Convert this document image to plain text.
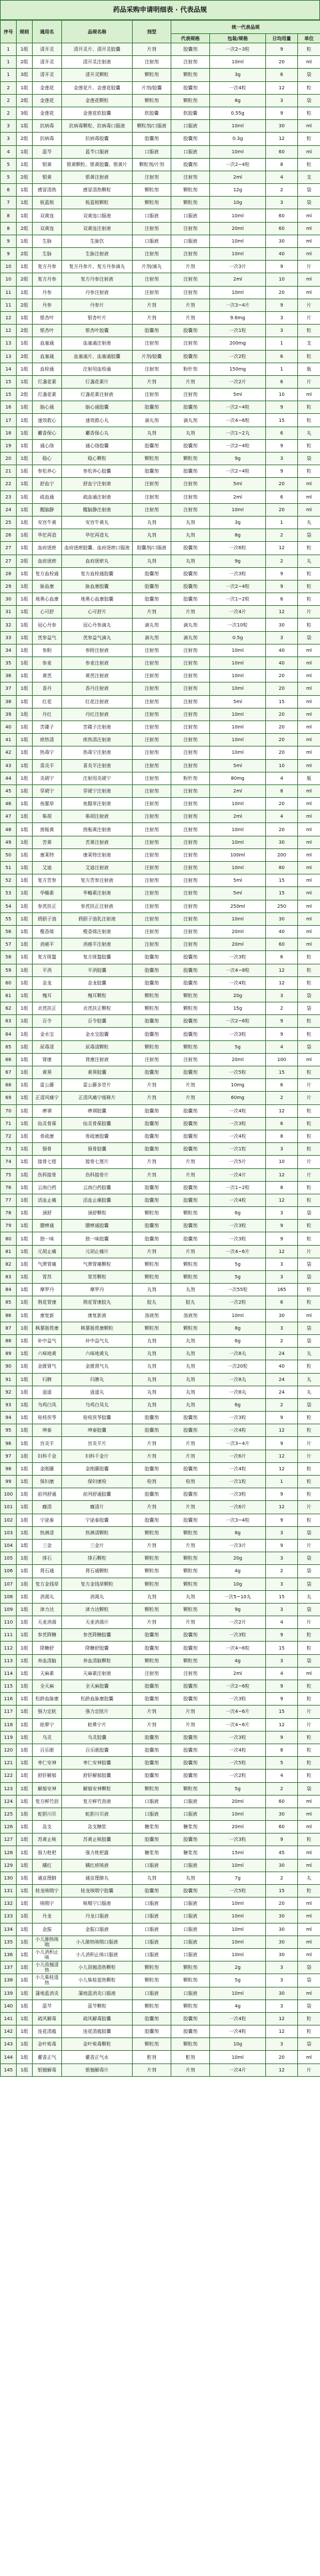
药品采购申请明细表 · 代表品规
序号	规则	通用名	品规名称	剂型	统一代表品规			
					代表规格	包装/规格	日均用量	单位
1	1组	清开灵	清开灵片、清开灵胶囊	片剂	胶囊剂	一次2~3粒	9	粒
1	2组	清开灵	清开灵注射液	注射剂	注射剂	10ml	20	ml
1	3组	清开灵	清开灵颗粒	颗粒剂	颗粒剂	3g	6	袋
2	1组	金莲花	金莲花片、金莲花胶囊	片剂/胶囊	胶囊剂	一次4粒	12	粒
2	2组	金莲花	金莲花颗粒	颗粒剂	颗粒剂	8g	3	袋
2	3组	金莲花	金莲花软胶囊	软胶囊	软胶囊	0.55g	9	粒
3	1组	抗病毒	抗病毒颗粒、抗病毒口服液	颗粒剂/口服液	口服液	10ml	30	ml
3	2组	抗病毒	抗病毒胶囊	胶囊剂	胶囊剂	0.3g	12	粒
4	1组	蓝芩	蓝芩口服液	口服液	口服液	10ml	60	ml
5	1组	银黄	银黄颗粒、银黄胶囊、银黄片	颗粒剂/片剂	胶囊剂	一次2~4粒	8	粒
5	2组	银黄	银黄注射液	注射剂	注射剂	2ml	4	支
6	1组	感冒清热	感冒清热颗粒	颗粒剂	颗粒剂	12g	2	袋
7	1组	板蓝根	板蓝根颗粒	颗粒剂	颗粒剂	10g	3	袋
8	1组	双黄连	双黄连口服液	口服液	口服液	10ml	60	ml
8	2组	双黄连	双黄连注射液	注射剂	注射剂	20ml	60	ml
9	1组	生脉	生脉饮	口服液	口服液	10ml	30	ml
9	2组	生脉	生脉注射液	注射剂	注射剂	10ml	40	ml
10	1组	复方丹参	复方丹参片、复方丹参滴丸	片剂/滴丸	片剂	一次3片	9	片
10	2组	复方丹参	复方丹参注射液	注射剂	注射剂	2ml	10	ml
11	1组	丹参	丹参注射液	注射剂	注射剂	10ml	20	ml
11	2组	丹参	丹参片	片剂	片剂	一次3~4片	9	片
12	1组	银杏叶	银杏叶片	片剂	片剂	9.6mg	3	片
12	2组	银杏叶	银杏叶胶囊	胶囊剂	胶囊剂	一次1粒	3	粒
13	1组	血塞通	血塞通注射液	注射剂	注射剂	200mg	1	支
13	2组	血塞通	血塞通片、血塞通胶囊	片剂/胶囊	胶囊剂	一次2粒	6	粒
14	1组	血栓通	注射用血栓通	注射剂	粉针剂	150mg	1	瓶
15	1组	灯盏花素	灯盏花素片	片剂	片剂	一次2片	6	片
15	2组	灯盏花素	灯盏花素注射液	注射剂	注射剂	5ml	10	ml
16	1组	脑心通	脑心通胶囊	胶囊剂	胶囊剂	一次2~4粒	9	粒
17	1组	速效救心	速效救心丸	滴丸剂	滴丸剂	一次4~6粒	15	粒
18	1组	麝香保心	麝香保心丸	丸剂	丸剂	一次1~2丸	6	丸
19	1组	通心络	通心络胶囊	胶囊剂	胶囊剂	一次2~4粒	9	粒
20	1组	稳心	稳心颗粒	颗粒剂	颗粒剂	9g	3	袋
21	1组	参松养心	参松养心胶囊	胶囊剂	胶囊剂	一次2~4粒	9	粒
22	1组	舒血宁	舒血宁注射液	注射剂	注射剂	5ml	20	ml
23	1组	疏血通	疏血通注射液	注射剂	注射剂	2ml	6	ml
24	1组	醒脑静	醒脑静注射液	注射剂	注射剂	10ml	20	ml
25	1组	安宫牛黄	安宫牛黄丸	丸剂	丸剂	3g	1	丸
26	1组	华佗再造	华佗再造丸	丸剂	丸剂	8g	2	袋
27	1组	血府逐瘀	血府逐瘀胶囊、血府逐瘀口服液	胶囊剂/口服液	胶囊剂	一次6粒	12	粒
27	2组	血府逐瘀	血府逐瘀丸	丸剂	丸剂	9g	2	丸
28	1组	复方血栓通	复方血栓通胶囊	胶囊剂	胶囊剂	一次3粒	9	粒
29	1组	脉血康	脉血康胶囊	胶囊剂	胶囊剂	一次2~4粒	9	粒
30	1组	地奥心血康	地奥心血康胶囊	胶囊剂	胶囊剂	一次1~2粒	6	粒
31	1组	心可舒	心可舒片	片剂	片剂	一次4片	12	片
32	1组	冠心丹参	冠心丹参滴丸	滴丸剂	滴丸剂	一次10粒	30	粒
33	1组	芪参益气	芪参益气滴丸	滴丸剂	滴丸剂	0.5g	3	袋
34	1组	参附	参附注射液	注射剂	注射剂	10ml	40	ml
35	1组	参麦	参麦注射液	注射剂	注射剂	10ml	40	ml
36	1组	黄芪	黄芪注射液	注射剂	注射剂	10ml	20	ml
37	1组	香丹	香丹注射液	注射剂	注射剂	10ml	20	ml
38	1组	红花	红花注射液	注射剂	注射剂	5ml	15	ml
39	1组	丹红	丹红注射液	注射剂	注射剂	10ml	20	ml
40	1组	苦碟子	苦碟子注射液	注射剂	注射剂	10ml	20	ml
41	1组	痰热清	痰热清注射液	注射剂	注射剂	10ml	20	ml
42	1组	热毒宁	热毒宁注射液	注射剂	注射剂	10ml	20	ml
43	1组	喜炎平	喜炎平注射液	注射剂	注射剂	5ml	10	ml
44	1组	炎琥宁	注射用炎琥宁	注射剂	粉针剂	80mg	4	瓶
45	1组	穿琥宁	穿琥宁注射液	注射剂	注射剂	2ml	8	ml
46	1组	鱼腥草	鱼腥草注射液	注射剂	注射剂	10ml	20	ml
47	1组	柴胡	柴胡注射液	注射剂	注射剂	2ml	4	ml
48	1组	茵栀黄	茵栀黄注射液	注射剂	注射剂	10ml	20	ml
49	1组	苦黄	苦黄注射液	注射剂	注射剂	10ml	30	ml
50	1组	康莱特	康莱特注射液	注射剂	注射剂	100ml	200	ml
51	1组	艾迪	艾迪注射液	注射剂	注射剂	10ml	80	ml
52	1组	复方苦参	复方苦参注射液	注射剂	注射剂	5ml	15	ml
53	1组	华蟾素	华蟾素注射液	注射剂	注射剂	5ml	15	ml
54	1组	参芪扶正	参芪扶正注射液	注射剂	注射剂	250ml	250	ml
55	1组	鸦胆子油	鸦胆子油乳注射液	注射剂	注射剂	10ml	30	ml
56	1组	榄香烯	榄香烯注射液	注射剂	注射剂	20ml	40	ml
57	1组	消癌平	消癌平注射液	注射剂	注射剂	20ml	60	ml
58	1组	复方斑蝥	复方斑蝥胶囊	胶囊剂	胶囊剂	一次3粒	6	粒
59	1组	平消	平消胶囊	胶囊剂	胶囊剂	一次4~8粒	12	粒
60	1组	金龙	金龙胶囊	胶囊剂	胶囊剂	一次4粒	12	粒
61	1组	槐耳	槐耳颗粒	颗粒剂	颗粒剂	20g	3	袋
62	1组	贞芪扶正	贞芪扶正颗粒	颗粒剂	颗粒剂	15g	2	袋
63	1组	百令	百令胶囊	胶囊剂	胶囊剂	一次2~6粒	9	粒
64	1组	金水宝	金水宝胶囊	胶囊剂	胶囊剂	一次3粒	9	粒
65	1组	尿毒清	尿毒清颗粒	颗粒剂	颗粒剂	5g	4	袋
66	1组	肾康	肾康注射液	注射剂	注射剂	20ml	100	ml
67	1组	黄葵	黄葵胶囊	胶囊剂	胶囊剂	一次5粒	15	粒
68	1组	雷公藤	雷公藤多苷片	片剂	片剂	10mg	6	片
69	1组	正清风痛宁	正清风痛宁缓释片	片剂	片剂	60mg	2	片
70	1组	痹祺	痹祺胶囊	胶囊剂	胶囊剂	一次4粒	12	粒
71	1组	仙灵骨葆	仙灵骨葆胶囊	胶囊剂	胶囊剂	一次3粒	6	粒
72	1组	骨疏康	骨疏康胶囊	胶囊剂	胶囊剂	一次4粒	8	粒
73	1组	强骨	强骨胶囊	胶囊剂	胶囊剂	一次1粒	3	粒
74	1组	接骨七厘	接骨七厘片	片剂	片剂	一次5片	10	片
75	1组	伤科接骨	伤科接骨片	片剂	片剂	一次4片	12	片
76	1组	云南白药	云南白药胶囊	胶囊剂	胶囊剂	一次1~2粒	8	粒
77	1组	活血止痛	活血止痛胶囊	胶囊剂	胶囊剂	一次4粒	12	粒
78	1组	颈舒	颈舒颗粒	颗粒剂	颗粒剂	6g	3	袋
79	1组	腰痹通	腰痹通胶囊	胶囊剂	胶囊剂	一次3粒	9	粒
80	1组	独一味	独一味胶囊	胶囊剂	胶囊剂	一次3粒	9	粒
81	1组	元胡止痛	元胡止痛片	片剂	片剂	一次4~6片	12	片
82	1组	气滞胃痛	气滞胃痛颗粒	颗粒剂	颗粒剂	5g	3	袋
83	1组	胃苏	胃苏颗粒	颗粒剂	颗粒剂	5g	3	袋
84	1组	摩罗丹	摩罗丹	丸剂	丸剂	一次55粒	165	粒
85	1组	荆花胃康	荆花胃康胶丸	胶丸	胶丸	一次2粒	6	粒
86	1组	康复新	康复新液	溶液剂	溶液剂	10ml	30	ml
87	1组	枫蓼肠胃康	枫蓼肠胃康颗粒	颗粒剂	颗粒剂	8g	3	袋
88	1组	补中益气	补中益气丸	丸剂	丸剂	6g	2	袋
89	1组	六味地黄	六味地黄丸	丸剂	丸剂	一次8丸	24	丸
90	1组	金匮肾气	金匮肾气丸	丸剂	丸剂	一次20粒	40	粒
91	1组	归脾	归脾丸	丸剂	丸剂	一次8丸	24	丸
92	1组	逍遥	逍遥丸	丸剂	丸剂	一次8丸	24	丸
93	1组	乌鸡白凤	乌鸡白凤丸	丸剂	丸剂	6g	2	袋
94	1组	桂枝茯苓	桂枝茯苓胶囊	胶囊剂	胶囊剂	一次3粒	9	粒
95	1组	坤泰	坤泰胶囊	胶囊剂	胶囊剂	一次4粒	12	粒
96	1组	宫炎平	宫炎平片	片剂	片剂	一次3~4片	9	片
97	1组	妇科千金	妇科千金片	片剂	片剂	一次6片	12	片
98	1组	金刚藤	金刚藤胶囊	胶囊剂	胶囊剂	一次4粒	12	粒
99	1组	保妇康	保妇康栓	栓剂	栓剂	一次1粒	1	粒
100	1组	前列舒通	前列舒通胶囊	胶囊剂	胶囊剂	一次3粒	9	粒
101	1组	癃清	癃清片	片剂	片剂	一次6片	12	片
102	1组	宁泌泰	宁泌泰胶囊	胶囊剂	胶囊剂	一次3~4粒	9	粒
103	1组	热淋清	热淋清颗粒	颗粒剂	颗粒剂	8g	3	袋
104	1组	三金	三金片	片剂	片剂	一次3片	9	片
105	1组	排石	排石颗粒	颗粒剂	颗粒剂	20g	3	袋
106	1组	肾石通	肾石通颗粒	颗粒剂	颗粒剂	4g	2	袋
107	1组	复方金钱草	复方金钱草颗粒	颗粒剂	颗粒剂	10g	3	袋
108	1组	消渴丸	消渴丸	丸剂	丸剂	一次5~10丸	15	丸
109	1组	津力达	津力达颗粒	颗粒剂	颗粒剂	9g	3	袋
110	1组	天麦消渴	天麦消渴片	片剂	片剂	一次2片	4	片
111	1组	参芪降糖	参芪降糖胶囊	胶囊剂	胶囊剂	一次3粒	9	粒
112	1组	降糖舒	降糖舒胶囊	胶囊剂	胶囊剂	一次4~6粒	15	粒
113	1组	养血清脑	养血清脑颗粒	颗粒剂	颗粒剂	4g	3	袋
114	1组	天麻素	天麻素注射液	注射剂	注射剂	2ml	4	ml
115	1组	全天麻	全天麻胶囊	胶囊剂	胶囊剂	一次2~6粒	9	粒
116	1组	松龄血脉康	松龄血脉康胶囊	胶囊剂	胶囊剂	一次3粒	9	粒
117	1组	强力定眩	强力定眩片	片剂	片剂	一次4~6片	15	片
118	1组	眩晕宁	眩晕宁片	片剂	片剂	一次4~6片	12	片
119	1组	乌灵	乌灵胶囊	胶囊剂	胶囊剂	一次3粒	9	粒
120	1组	百乐眠	百乐眠胶囊	胶囊剂	胶囊剂	一次4粒	8	粒
121	1组	枣仁安神	枣仁安神胶囊	胶囊剂	胶囊剂	一次5粒	5	粒
122	1组	舒肝解郁	舒肝解郁胶囊	胶囊剂	胶囊剂	一次2粒	4	粒
123	1组	解郁安神	解郁安神颗粒	颗粒剂	颗粒剂	5g	2	袋
124	1组	复方鲜竹沥	复方鲜竹沥液	口服液	口服液	20ml	60	ml
125	1组	蛇胆川贝	蛇胆川贝液	口服液	口服液	10ml	30	ml
126	1组	急支	急支糖浆	糖浆剂	糖浆剂	20ml	60	ml
127	1组	苏黄止咳	苏黄止咳胶囊	胶囊剂	胶囊剂	一次3粒	9	粒
128	1组	强力枇杷	强力枇杷露	糖浆剂	糖浆剂	15ml	45	ml
129	1组	橘红	橘红痰咳液	口服液	口服液	10ml	30	ml
130	1组	通宣理肺	通宣理肺丸	丸剂	丸剂	7g	2	丸
131	1组	桂龙咳喘宁	桂龙咳喘宁胶囊	胶囊剂	胶囊剂	一次5粒	15	粒
132	1组	咳喘宁	咳喘宁口服液	口服液	口服液	10ml	20	ml
133	1组	丹龙	丹龙口服液	口服液	口服液	10ml	30	ml
134	1组	金振	金振口服液	口服液	口服液	10ml	30	ml
135	1组	小儿肺热咳喘	小儿肺热咳喘口服液	口服液	口服液	10ml	30	ml
136	1组	小儿消积止咳	小儿消积止咳口服液	口服液	口服液	10ml	30	ml
137	1组	小儿豉翘清热	小儿豉翘清热颗粒	颗粒剂	颗粒剂	2g	3	袋
138	1组	小儿柴桂退热	小儿柴桂退热颗粒	颗粒剂	颗粒剂	5g	3	袋
139	1组	蒲地蓝消炎	蒲地蓝消炎口服液	口服液	口服液	10ml	30	ml
140	1组	蓝芩	蓝芩颗粒	颗粒剂	颗粒剂	4g	3	袋
141	1组	疏风解毒	疏风解毒胶囊	胶囊剂	胶囊剂	一次4粒	12	粒
142	1组	连花清瘟	连花清瘟胶囊	胶囊剂	胶囊剂	一次4粒	12	粒
143	1组	金叶败毒	金叶败毒颗粒	颗粒剂	颗粒剂	10g	3	袋
144	1组	藿香正气	藿香正气水	酊剂	酊剂	10ml	20	ml
145	1组	银翘解毒	银翘解毒片	片剂	片剂	一次4片	12	片
